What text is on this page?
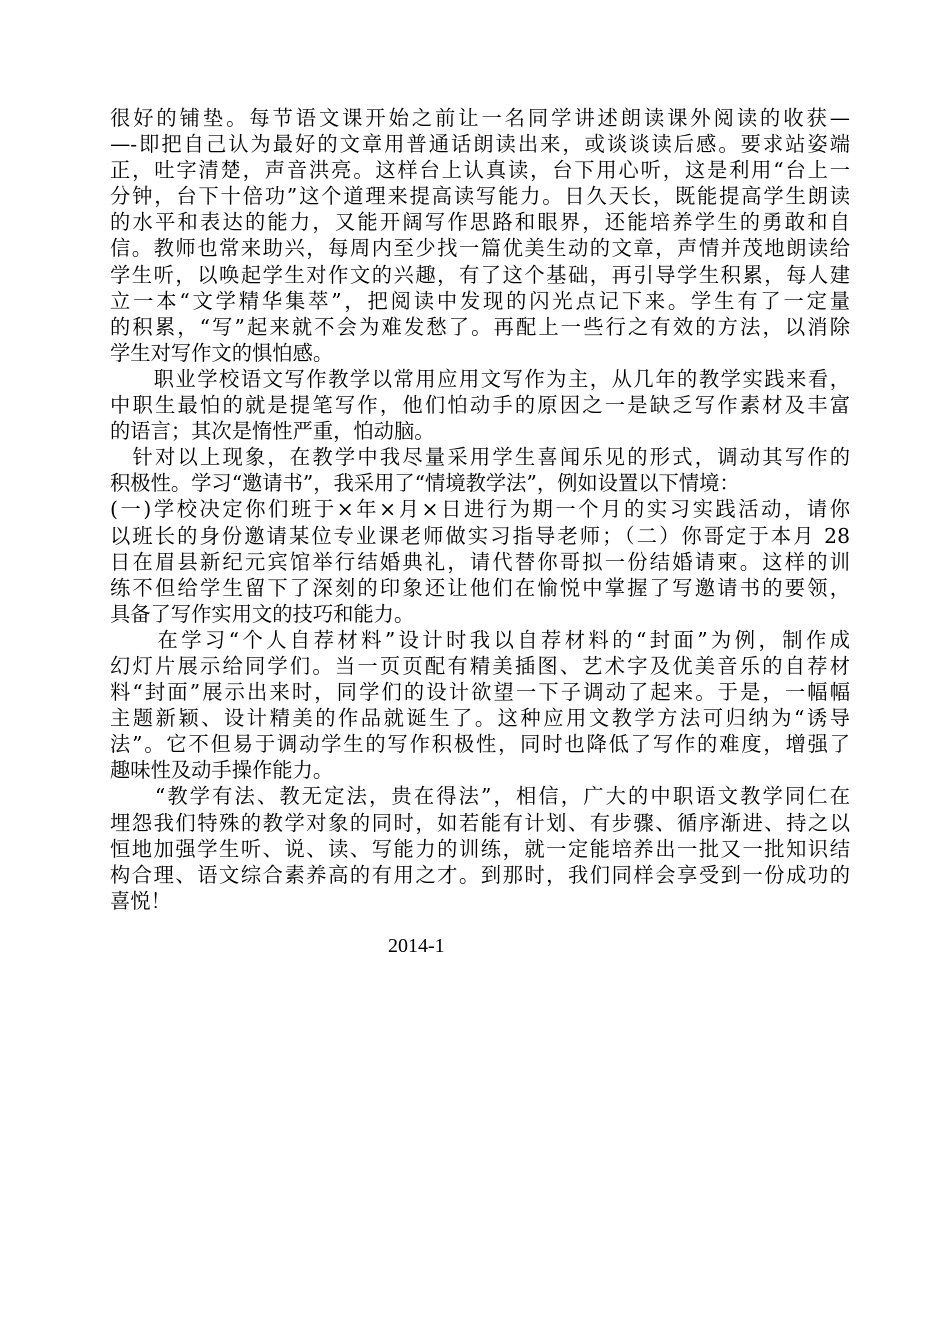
很好的铺垫。每节语文课开始之前让一名同学讲述朗读课外阅读的收获—
—-即把自己认为最好的文章用普通话朗读出来，或谈谈读后感。要求站姿端
正，吐字清楚，声音洪亮。这样台上认真读，台下用心听，这是利用“台上一
分钟，台下十倍功”这个道理来提高读写能力。日久天长，既能提高学生朗读
的水平和表达的能力，又能开阔写作思路和眼界，还能培养学生的勇敢和自
信。教师也常来助兴，每周内至少找一篇优美生动的文章，声情并茂地朗读给
学生听，以唤起学生对作文的兴趣，有了这个基础，再引导学生积累，每人建
立一本“文学精华集萃”，把阅读中发现的闪光点记下来。学生有了一定量
的积累，“写”起来就不会为难发愁了。再配上一些行之有效的方法，以消除
学生对写作文的惧怕感。
　　职业学校语文写作教学以常用应用文写作为主，从几年的教学实践来看，
中职生最怕的就是提笔写作，他们怕动手的原因之一是缺乏写作素材及丰富
的语言；其次是惰性严重，怕动脑。
　针对以上现象，在教学中我尽量采用学生喜闻乐见的形式，调动其写作的
积极性。学习“邀请书”，我采用了“情境教学法”，例如设置以下情境：
(一)学校决定你们班于×年×月×日进行为期一个月的实习实践活动，请你
以班长的身份邀请某位专业课老师做实习指导老师；（二）你哥定于本月 28
日在眉县新纪元宾馆举行结婚典礼，请代替你哥拟一份结婚请柬。这样的训
练不但给学生留下了深刻的印象还让他们在愉悦中掌握了写邀请书的要领，
具备了写作实用文的技巧和能力。
　　在学习“个人自荐材料”设计时我以自荐材料的“封面”为例，制作成
幻灯片展示给同学们。当一页页配有精美插图、艺术字及优美音乐的自荐材
料“封面”展示出来时，同学们的设计欲望一下子调动了起来。于是，一幅幅
主题新颖、设计精美的作品就诞生了。这种应用文教学方法可归纳为“诱导
法”。它不但易于调动学生的写作积极性，同时也降低了写作的难度，增强了
趣味性及动手操作能力。
　　“教学有法、教无定法，贵在得法”，相信，广大的中职语文教学同仁在
埋怨我们特殊的教学对象的同时，如若能有计划、有步骤、循序渐进、持之以
恒地加强学生听、说、读、写能力的训练，就一定能培养出一批又一批知识结
构合理、语文综合素养高的有用之才。到那时，我们同样会享受到一份成功的
喜悦！
2014-1
